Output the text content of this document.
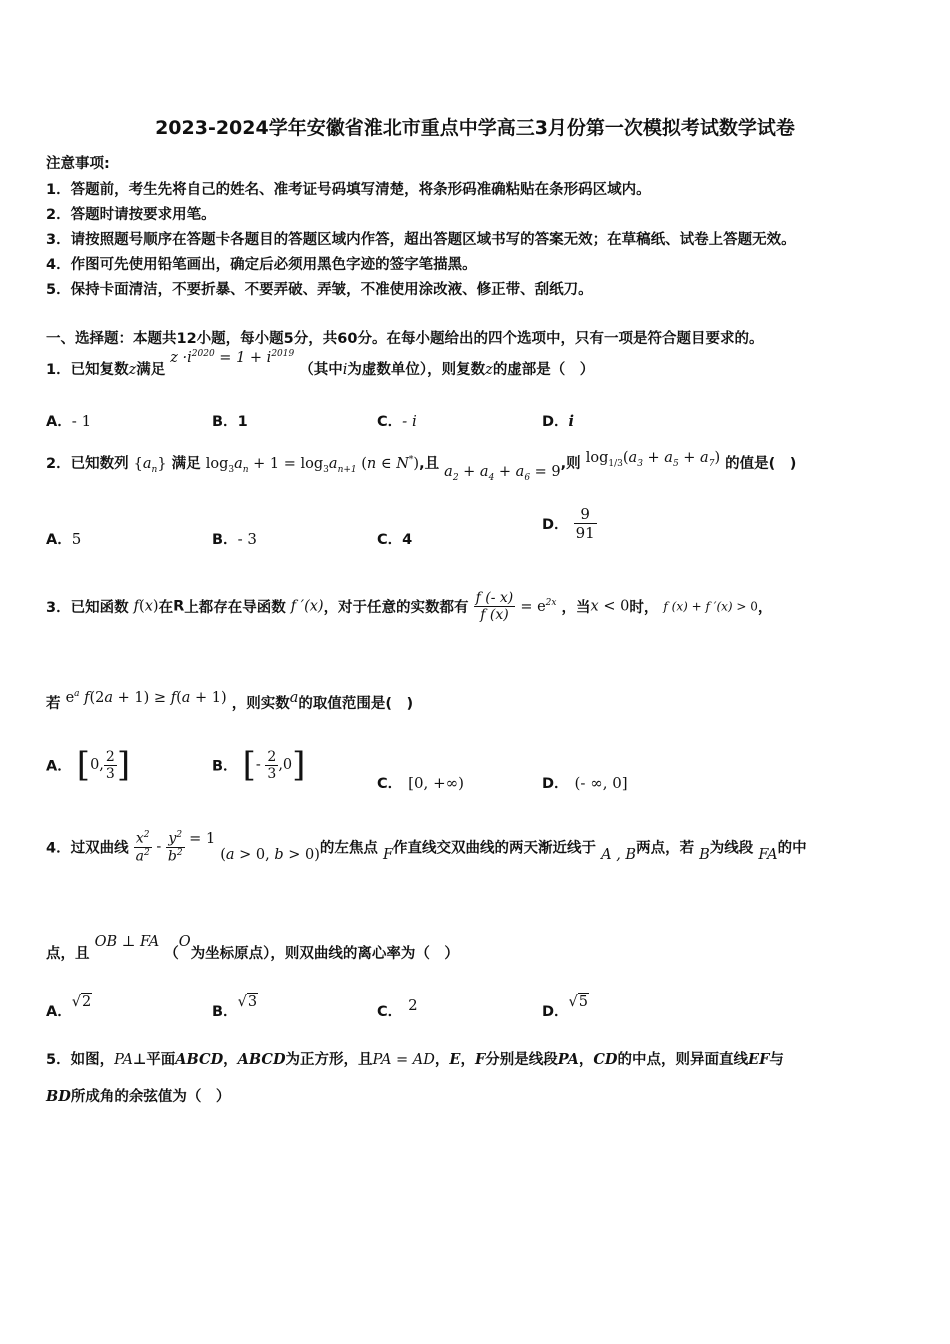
2023-2024学年安徽省淮北市重点中学高三3月份第一次模拟考试数学试卷
注意事项:
1．答题前，考生先将自己的姓名、准考证号码填写清楚，将条形码准确粘贴在条形码区域内。
2．答题时请按要求用笔。
3．请按照题号顺序在答题卡各题目的答题区域内作答，超出答题区域书写的答案无效；在草稿纸、试卷上答题无效。
4．作图可先使用铅笔画出，确定后必须用黑色字迹的签字笔描黑。
5．保持卡面清洁，不要折暴、不要弄破、弄皱，不准使用涂改液、修正带、刮纸刀。
一、选择题：本题共12小题，每小题5分，共60分。在每小题给出的四个选项中，只有一项是符合题目要求的。
1．已知复数z满足 $z \cdot i^{2020} = 1 + i^{2019}$ （其中i为虚数单位），则复数z的虚部是（　）
A．- 1	B．1	C．- i	D．i
2．已知数列 $\{a_n\}$ 满足 $\log_3a_n + 1 = \log_3a_{n+1}$ (n ∈ N*),且 $a_2 + a_4 + a_6 = 9$,则 $\log_{1/3}(a_3 + a_5 + a_7)$ 的值是(　)
A．5	B．- 3	C．4
D． $\frac{9}{91}$
3．已知函数 f(x)在R上都存在导函数 f ′(x)，对于任意的实数都有 $\frac{f (- x)}{f (x)} = e^{2x}$ ，当x < 0时， f (x) + f ′(x) > 0，
若 $e^a$ f(2a + 1) ≥ f(a + 1) ，则实数a的取值范围是(　)
A． [0, $\frac{2}{3}$ ]	B． [- $\frac{2}{3} ,0$]	C． [0, +∞)	D． (- ∞, 0]
4．过双曲线 $\frac{x^2}{a^2} - \frac{y^2}{b^2} = 1$ (a > 0, b > 0)的左焦点 F作直线交双曲线的两天渐近线于 A , B两点，若 B为线段 FA的中
点，且 OB ⊥ FA （O为坐标原点），则双曲线的离心率为（　）
A．√2
B．√3
C． 2	D．√5
5．如图，PA⊥平面ABCD，ABCD为正方形，且PA = AD，E，F分别是线段PA，CD的中点，则异面直线EF与
BD所成角的余弦值为（　）
